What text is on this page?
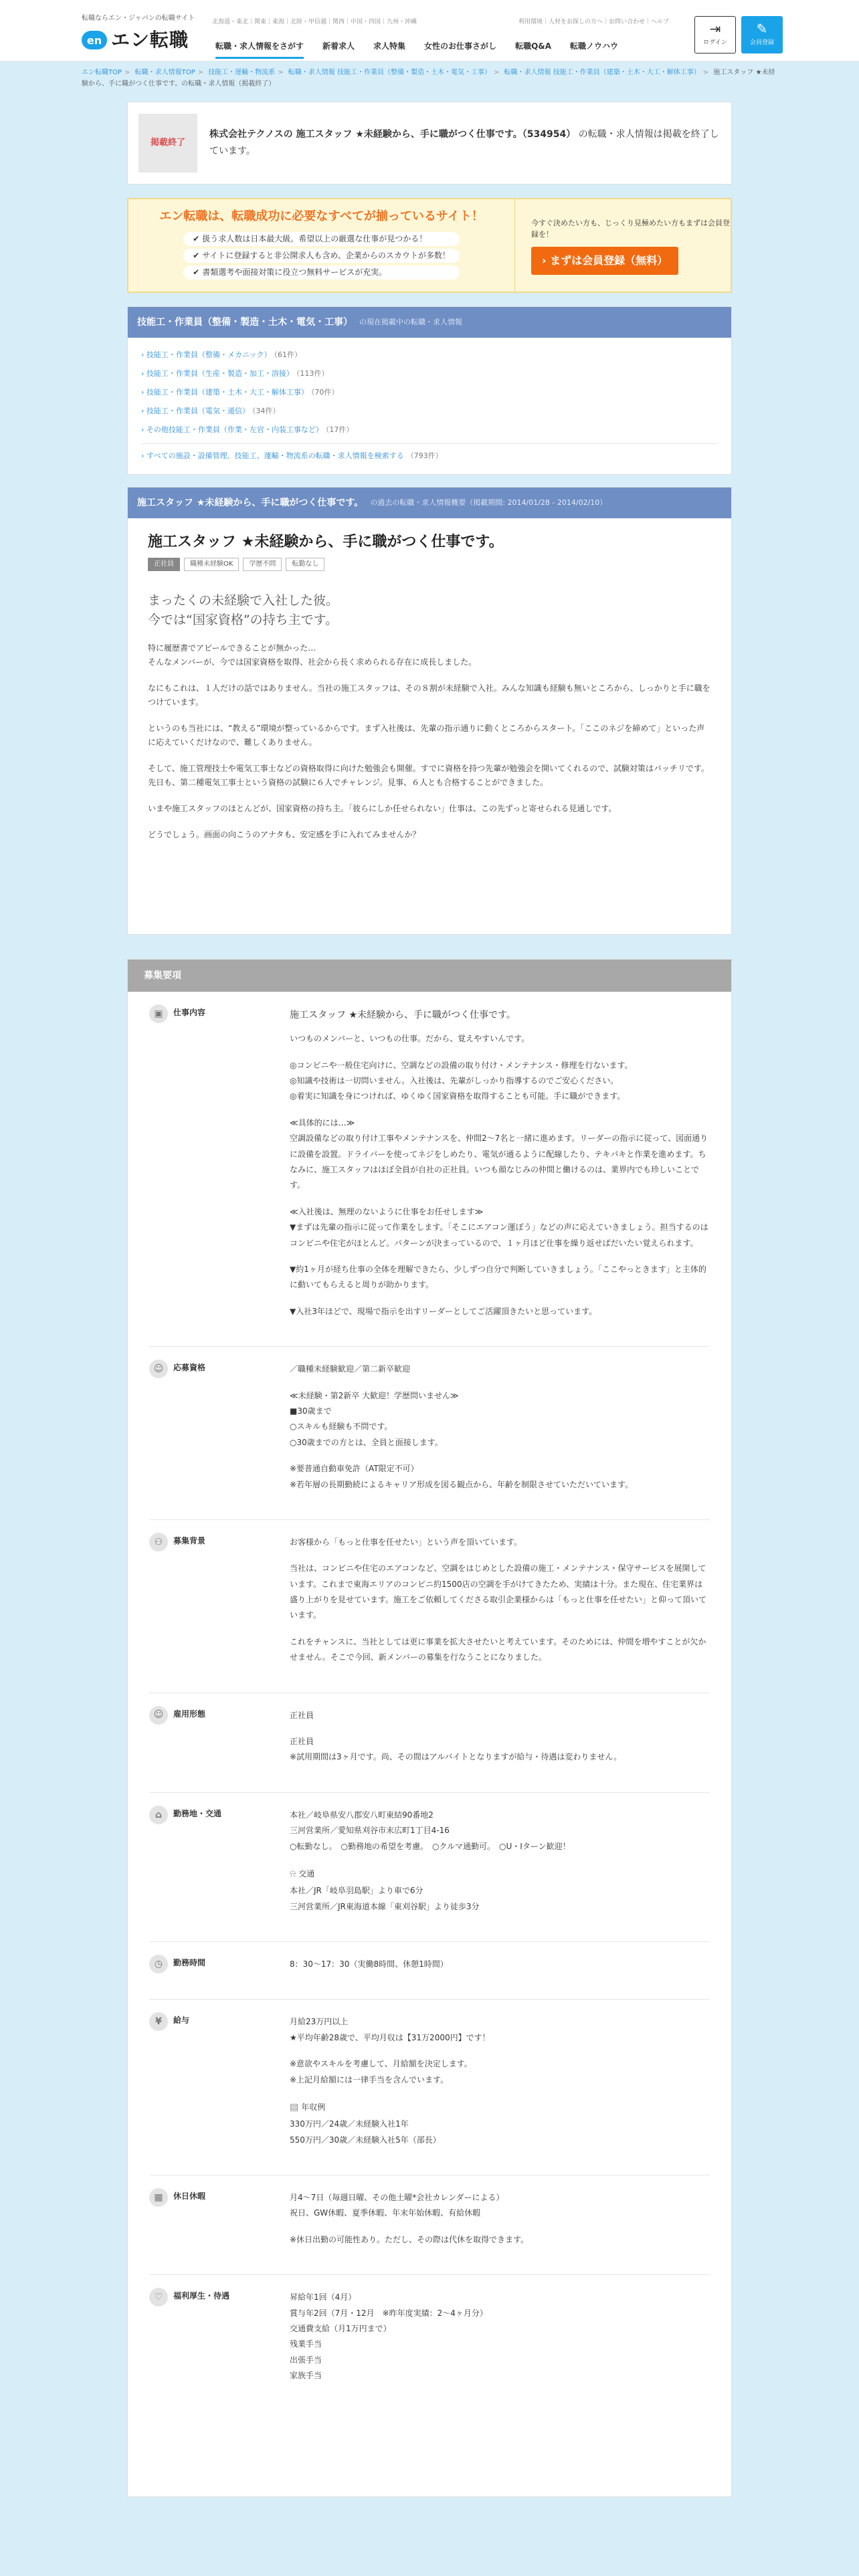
転職ならエン・ジャパンの転職サイト
en エン転職
北海道・東北｜関東｜東海｜北陸・甲信越｜関西｜中国・四国｜九州・沖縄	利用環境｜人材をお探しの方へ｜お問い合わせ｜ヘルプ
転職・求人情報をさがす 新着求人 求人特集 女性のお仕事さがし 転職Q&A 転職ノウハウ
⇥
ログイン
✎
会員登録
エン転職TOP > 転職・求人情報TOP > 技能工・運輸・物流系 > 転職・求人情報 技能工・作業員（整備・製造・土木・電気・工事） > 転職・求人情報 技能工・作業員（建築・土木・大工・解体工事） > 施工スタッフ ★未経験から、手に職がつく仕事です。の転職・求人情報（掲載終了）
掲載終了
株式会社テクノスの 施工スタッフ ★未経験から、手に職がつく仕事です。（534954） の転職・求人情報は掲載を終了しています。
エン転職は、転職成功に必要なすべてが揃っているサイト！
✔ 扱う求人数は日本最大級。希望以上の厳選な仕事が見つかる！
✔ サイトに登録すると非公開求人も含め、企業からのスカウトが多数！
✔ 書類選考や面接対策に役立つ無料サービスが充実。
今すぐ決めたい方も、じっくり見極めたい方もまずは会員登録を！
› まずは会員登録（無料）
技能工・作業員（整備・製造・土木・電気・工事） の現在掲載中の転職・求人情報
› 技能工・作業員（整備・メカニック） （61件）
› 技能工・作業員（生産・製造・加工・溶接） （113件）
› 技能工・作業員（建築・土木・大工・解体工事） （70件）
› 技能工・作業員（電気・通信） （34件）
› その他技能工・作業員（作業・左官・内装工事など） （17件）
› すべての施設・設備管理、技能工、運輸・物流系の転職・求人情報を検索する （793件）
施工スタッフ ★未経験から、手に職がつく仕事です。 の過去の転職・求人情報概要（掲載期間: 2014/01/28 - 2014/02/10）
施工スタッフ ★未経験から、手に職がつく仕事です。
正社員	職種未経験OK	学歴不問	転勤なし
まったくの未経験で入社した彼。
今では“国家資格”の持ち主です。

特に履歴書でアピールできることが無かった…
そんなメンバーが、今では国家資格を取得、社会から長く求められる存在に成長しました。

なにもこれは、１人だけの話ではありません。当社の施工スタッフは、その８割が未経験で入社。みんな知識も経験も無いところから、しっかりと手に職をつけています。

というのも当社には、“教える”環境が整っているからです。まず入社後は、先輩の指示通りに動くところからスタート。「ここのネジを締めて」といった声に応えていくだけなので、難しくありません。

そして、施工管理技士や電気工事士などの資格取得に向けた勉強会も開催。すでに資格を持つ先輩が勉強会を開いてくれるので、試験対策はバッチリです。先日も、第二種電気工事士という資格の試験に６人でチャレンジ。見事、６人とも合格することができました。

いまや施工スタッフのほとんどが、国家資格の持ち主。「彼らにしか任せられない」仕事は、この先ずっと寄せられる見通しです。

どうでしょう。画面の向こうのアナタも、安定感を手に入れてみませんか？

募集要項
▣	仕事内容	施工スタッフ ★未経験から、手に職がつく仕事です。

いつものメンバーと、いつもの仕事。だから、覚えやすいんです。

◎コンビニや一般住宅向けに、空調などの設備の取り付け・メンテナンス・修理を行ないます。
◎知識や技術は一切問いません。入社後は、先輩がしっかり指導するのでご安心ください。
◎着実に知識を身につければ、ゆくゆく国家資格を取得することも可能。手に職ができます。

≪具体的には…≫
空調設備などの取り付け工事やメンテナンスを、仲間2～7名と一緒に進めます。リーダーの指示に従って、図面通りに設備を設置。ドライバーを使ってネジをしめたり、電気が通るように配線したり、テキパキと作業を進めます。ちなみに、施工スタッフはほぼ全員が自社の正社員。いつも顔なじみの仲間と働けるのは、業界内でも珍しいことです。

≪入社後は、無理のないように仕事をお任せします≫
▼まずは先輩の指示に従って作業をします。「そこにエアコン運ぼう」などの声に応えていきましょう。担当するのはコンビニや住宅がほとんど。パターンが決まっているので、１ヶ月ほど仕事を繰り返せばだいたい覚えられます。

▼約1ヶ月が経ち仕事の全体を理解できたら、少しずつ自分で判断していきましょう。「ここやっときます」と主体的に動いてもらえると周りが助かります。

▼入社3年ほどで、現場で指示を出すリーダーとしてご活躍頂きたいと思っています。

☺	応募資格	／職種未経験歓迎／第二新卒歓迎

≪未経験・第2新卒 大歓迎！学歴問いません≫
■30歳まで
○スキルも経験も不問です。
○30歳までの方とは、全員と面接します。

※要普通自動車免許（AT限定不可）
※若年層の長期勤続によるキャリア形成を図る観点から、年齢を制限させていただいています。

⚇	募集背景	お客様から「もっと仕事を任せたい」という声を頂いています。

当社は、コンビニや住宅のエアコンなど、空調をはじめとした設備の施工・メンテナンス・保守サービスを展開しています。これまで東海エリアのコンビニ約1500店の空調を手がけてきたため、実績は十分。また現在、住宅業界は盛り上がりを見せています。施工をご依頼してくださる取引企業様からは「もっと仕事を任せたい」と仰って頂いています。

これをチャンスに、当社としては更に事業を拡大させたいと考えています。そのためには、仲間を増やすことが欠かせません。そこで今回、新メンバーの募集を行なうことになりました。

☺	雇用形態	正社員

正社員
※試用期間は3ヶ月です。尚、その間はアルバイトとなりますが給与・待遇は変わりません。

⌂	勤務地・交通	本社／岐阜県安八郡安八町東結90番地2
三河営業所／愛知県刈谷市末広町1丁目4-16
○転勤なし。　○勤務地の希望を考慮。　○クルマ通勤可。　○U・Iターン歓迎！

⍾ 交通

本社／JR「岐阜羽島駅」より車で6分
三河営業所／JR東海道本線「東刈谷駅」より徒歩3分

◷	勤務時間	8：30～17：30（実働8時間、休憩1時間）

¥	給与	月給23万円以上
★平均年齢28歳で、平均月収は【31万2000円】です！

※意欲やスキルを考慮して、月給額を決定します。
※上記月給額には一律手当を含んでいます。

▤ 年収例

330万円／24歳／未経験入社1年
550万円／30歳／未経験入社5年（部長）

▦	休日休暇	月4～7日（毎週日曜、その他土曜*会社カレンダーによる）
祝日、GW休暇、夏季休暇、年末年始休暇、有給休暇

※休日出勤の可能性あり。ただし、その際は代休を取得できます。

♡	福利厚生・待遇	昇給年1回（4月）
賞与年2回（7月・12月　※昨年度実績：2～4ヶ月分）
交通費支給（月1万円まで）
残業手当
出張手当
家族手当
